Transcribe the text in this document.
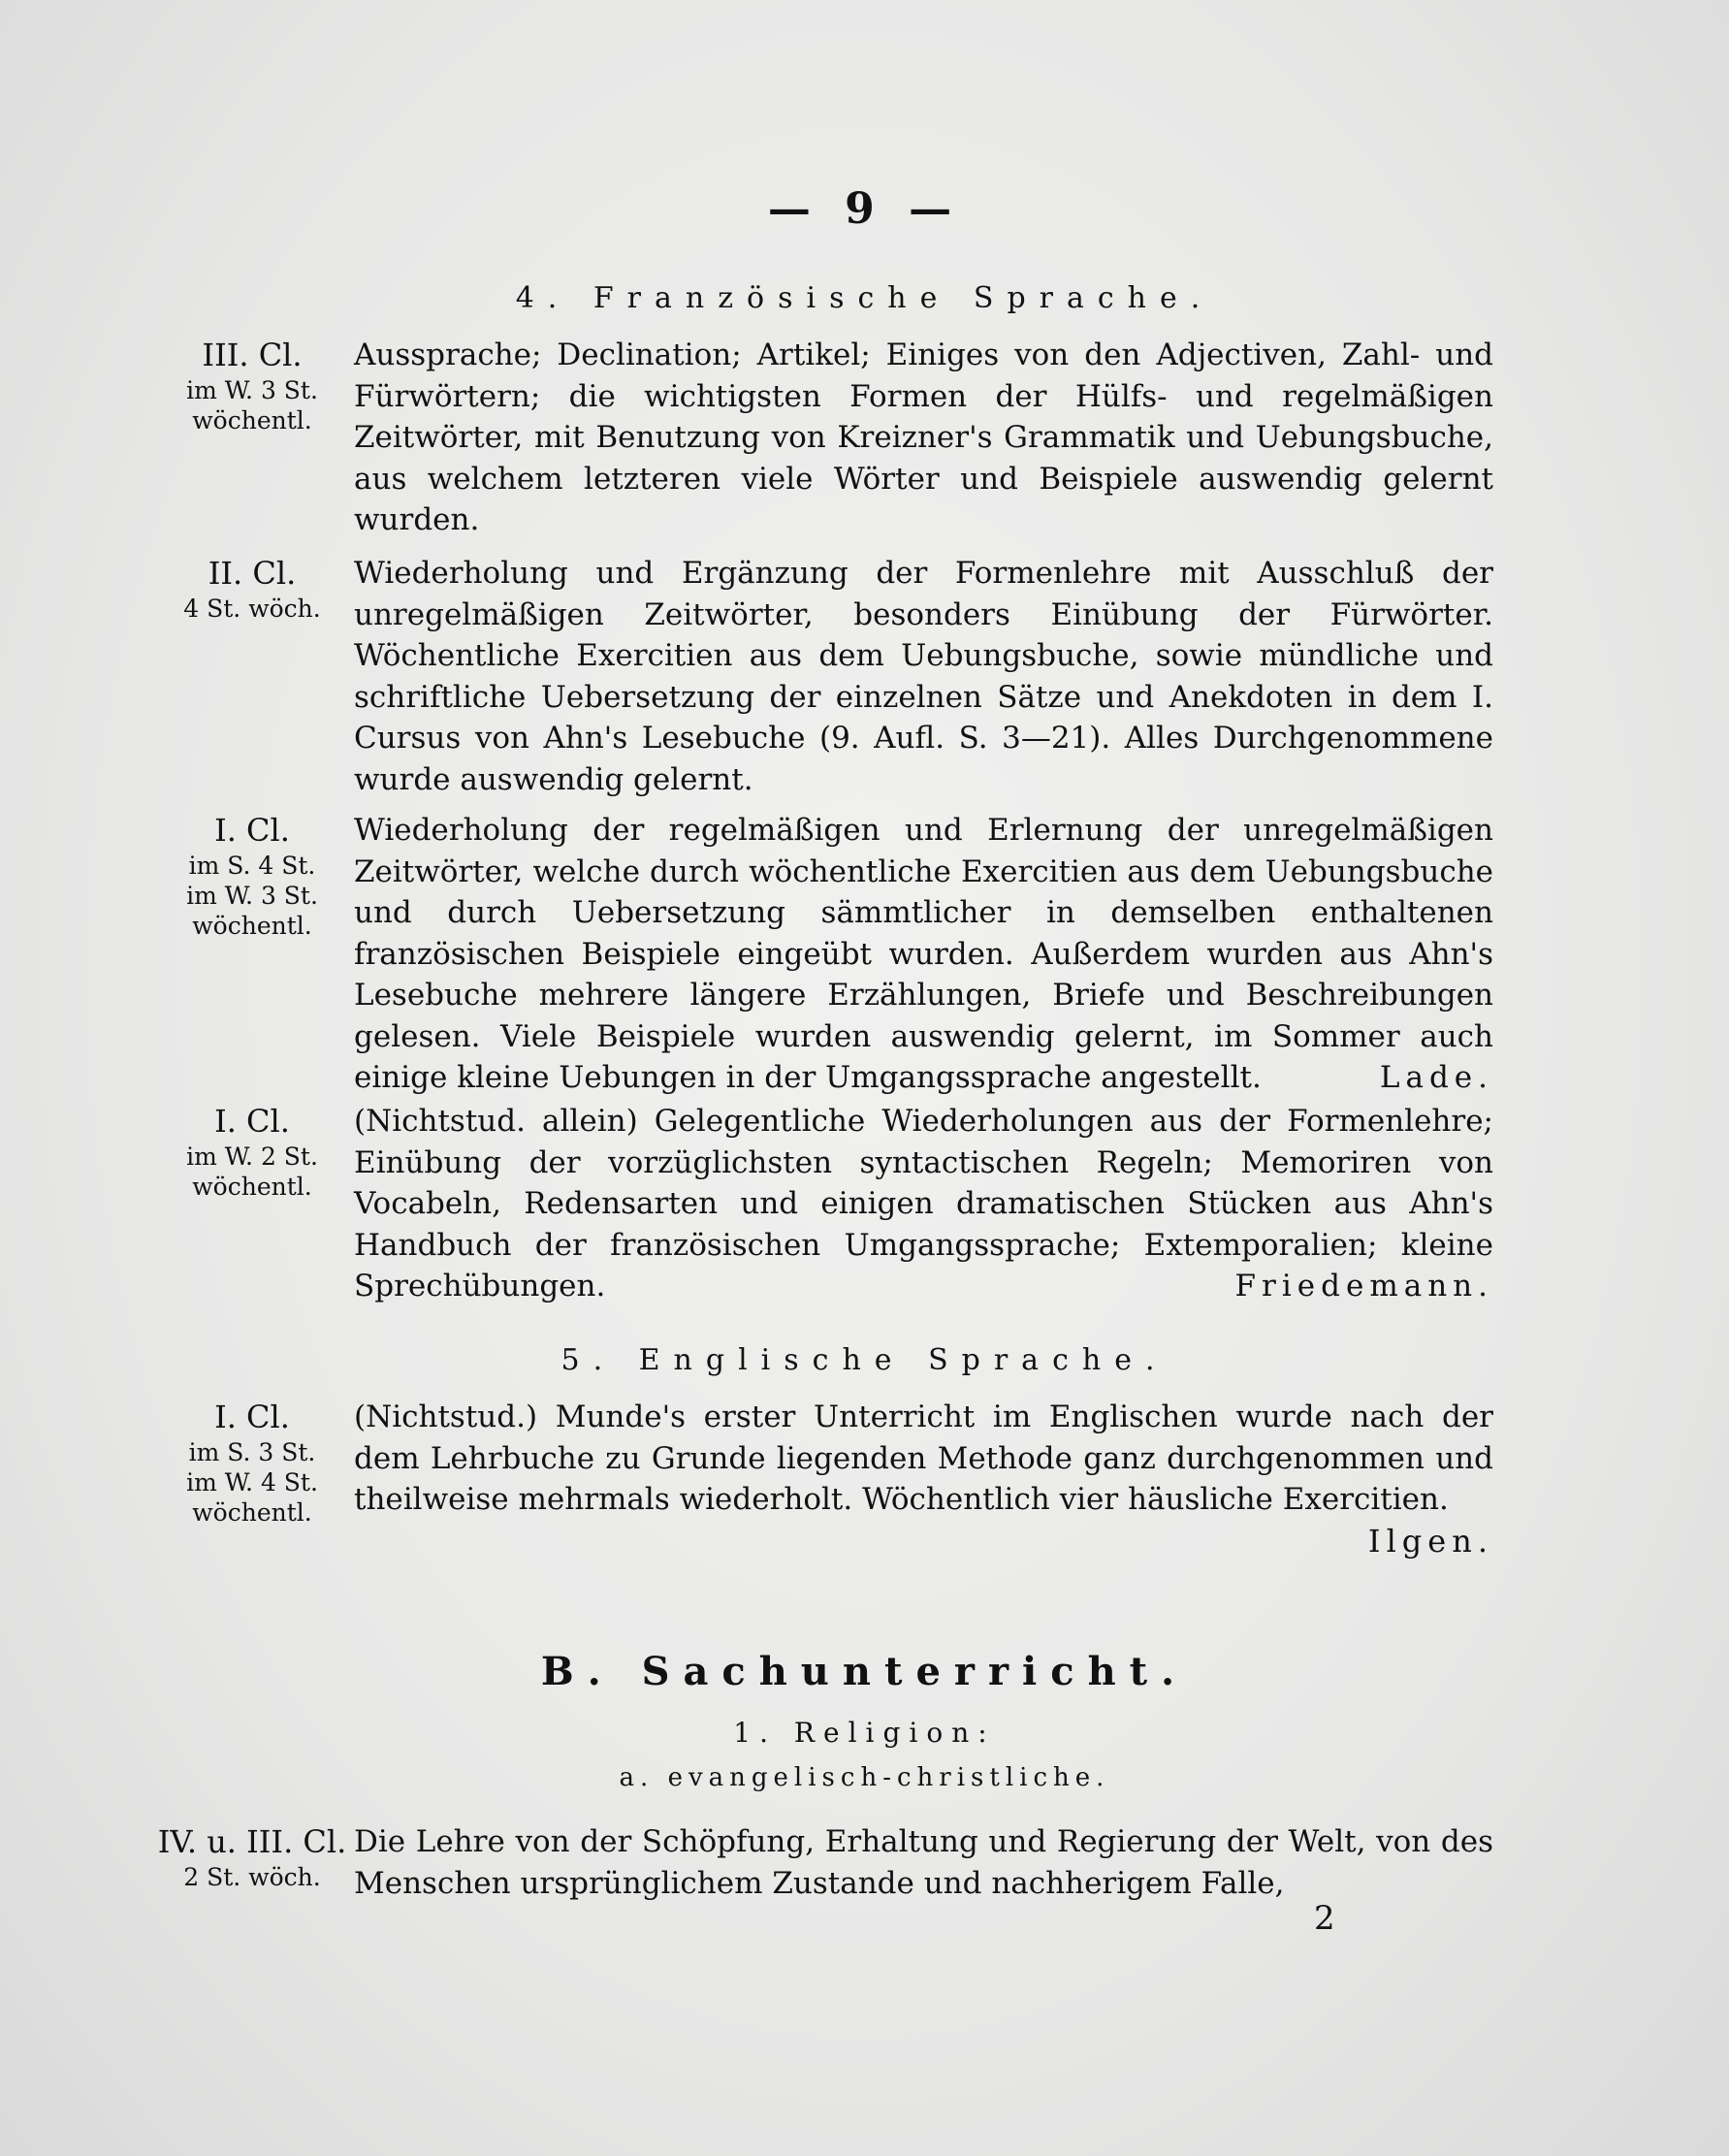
— 9 —
4. Französische Sprache.
III. Cl.
im W. 3 St.
wöchentl.

Aussprache; Declination; Artikel; Einiges von den Adjectiven, Zahl- und Fürwörtern; die wichtigsten Formen der Hülfs- und regelmäßigen Zeitwörter, mit Benutzung von Kreizner's Grammatik und Uebungsbuche, aus welchem letzteren viele Wörter und Beispiele auswendig gelernt wurden.

II. Cl.
4 St. wöch.

Wiederholung und Ergänzung der Formenlehre mit Ausschluß der unregelmäßigen Zeitwörter, besonders Einübung der Fürwörter. Wöchentliche Exercitien aus dem Uebungsbuche, sowie mündliche und schriftliche Uebersetzung der einzelnen Sätze und Anekdoten in dem I. Cursus von Ahn's Lesebuche (9. Aufl. S. 3—21). Alles Durchgenommene wurde auswendig gelernt.

I. Cl.
im S. 4 St.
im W. 3 St.
wöchentl.

Wiederholung der regelmäßigen und Erlernung der unregelmäßigen Zeitwörter, welche durch wöchentliche Exercitien aus dem Uebungsbuche und durch Uebersetzung sämmtlicher in demselben enthaltenen französischen Beispiele eingeübt wurden. Außerdem wurden aus Ahn's Lesebuche mehrere längere Erzählungen, Briefe und Beschreibungen gelesen. Viele Beispiele wurden auswendig gelernt, im Sommer auch einige kleine Uebungen in der Umgangssprache angestellt.	Lade.

I. Cl.
im W. 2 St.
wöchentl.

(Nichtstud. allein) Gelegentliche Wiederholungen aus der Formenlehre; Einübung der vorzüglichsten syntactischen Regeln; Memoriren von Vocabeln, Redensarten und einigen dramatischen Stücken aus Ahn's Handbuch der französischen Umgangssprache; Extemporalien; kleine Sprechübungen.	Friedemann.

5. Englische Sprache.
I. Cl.
im S. 3 St.
im W. 4 St.
wöchentl.

(Nichtstud.) Munde's erster Unterricht im Englischen wurde nach der dem Lehrbuche zu Grunde liegenden Methode ganz durchgenommen und theilweise mehrmals wiederholt. Wöchentlich vier häusliche Exercitien.

Ilgen.

B. Sachunterricht.
1. Religion:
a. evangelisch-christliche.
IV. u. III. Cl.
2 St. wöch.

Die Lehre von der Schöpfung, Erhaltung und Regierung der Welt, von des Menschen ursprünglichem Zustande und nachherigem Falle,

2
